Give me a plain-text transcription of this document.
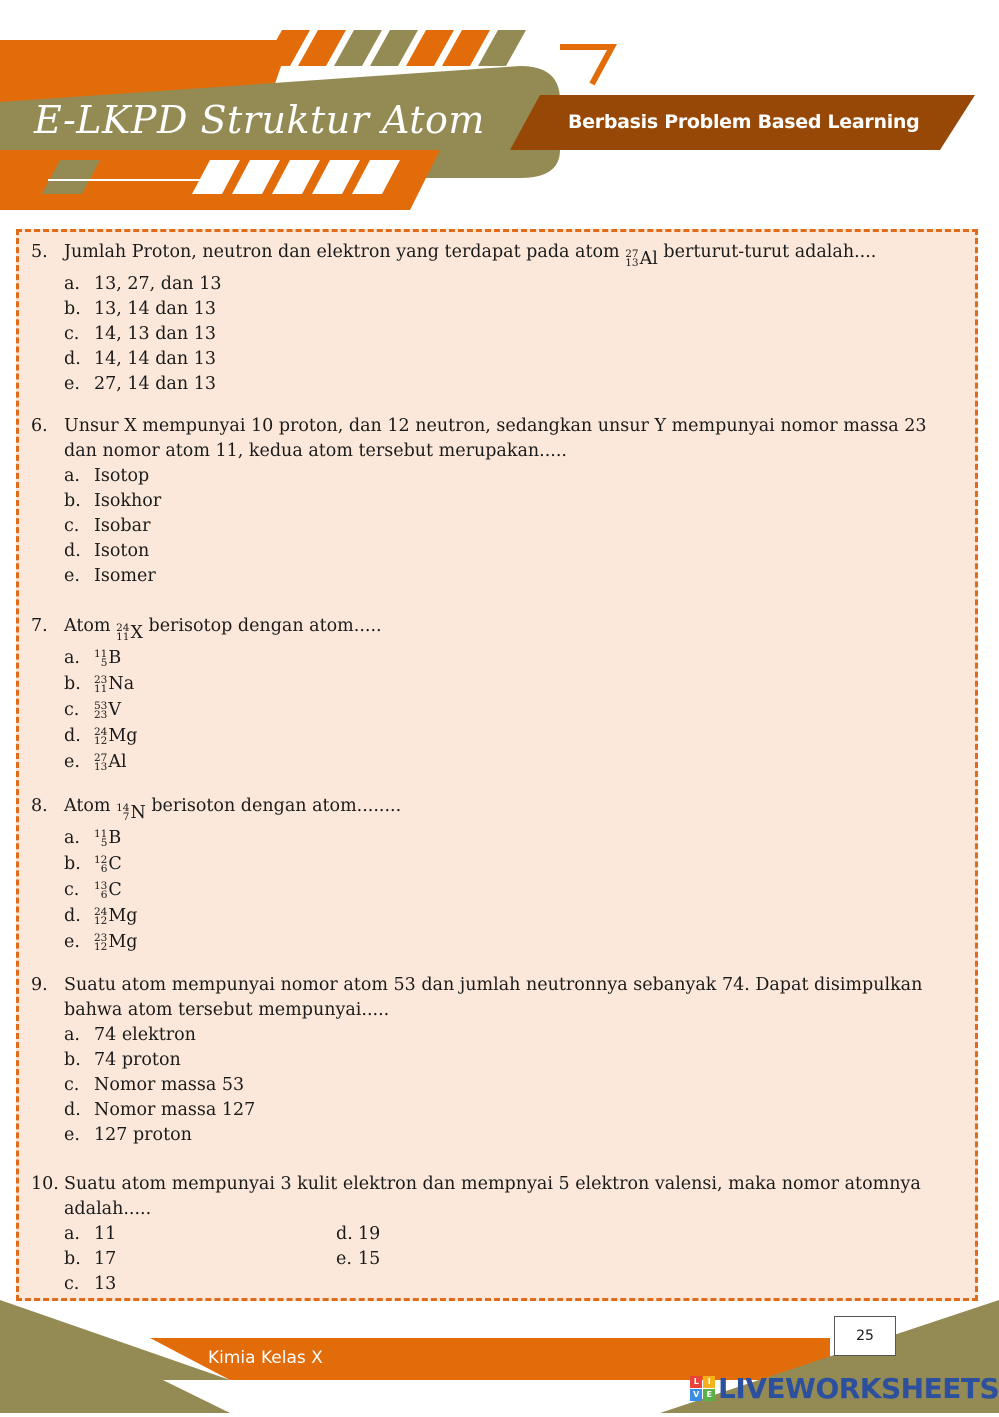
E-LKPD Struktur Atom	Berbasis Problem Based Learning
5. Jumlah Proton, neutron dan elektron yang terdapat pada atom 27
13 Al berturut-turut adalah....
a. 13, 27, dan 13
b. 13, 14 dan 13
c. 14, 13 dan 13
d. 14, 14 dan 13
e. 27, 14 dan 13
6. Unsur X mempunyai 10 proton, dan 12 neutron, sedangkan unsur Y mempunyai nomor massa 23 dan nomor atom 11, kedua atom tersebut merupakan.....
a. Isotop
b. Isokhor
c. Isobar
d. Isoton
e. Isomer
7. Atom 24
11 X berisotop dengan atom.....
a.	11
5 B
b.	23
11 Na
c.	53
23 V
d.	24
12 Mg
e.	27
13 Al
8. Atom 14
7 N berisoton dengan atom........
a.	11
5 B
b.	12
6 C
c.	13
6 C
d.	24
12 Mg
e.	23
12 Mg
9. Suatu atom mempunyai nomor atom 53 dan jumlah neutronnya sebanyak 74. Dapat disimpulkan bahwa atom tersebut mempunyai.....
a. 74 elektron
b. 74 proton
c. Nomor massa 53
d. Nomor massa 127
e. 127 proton
10. Suatu atom mempunyai 3 kulit elektron dan mempnyai 5 elektron valensi, maka nomor atomnya adalah.....
a. 11
b. 17
c. 13
d. 19
e. 15
Kimia Kelas X
25
L	I
V E LIVEWORKSHEETS
